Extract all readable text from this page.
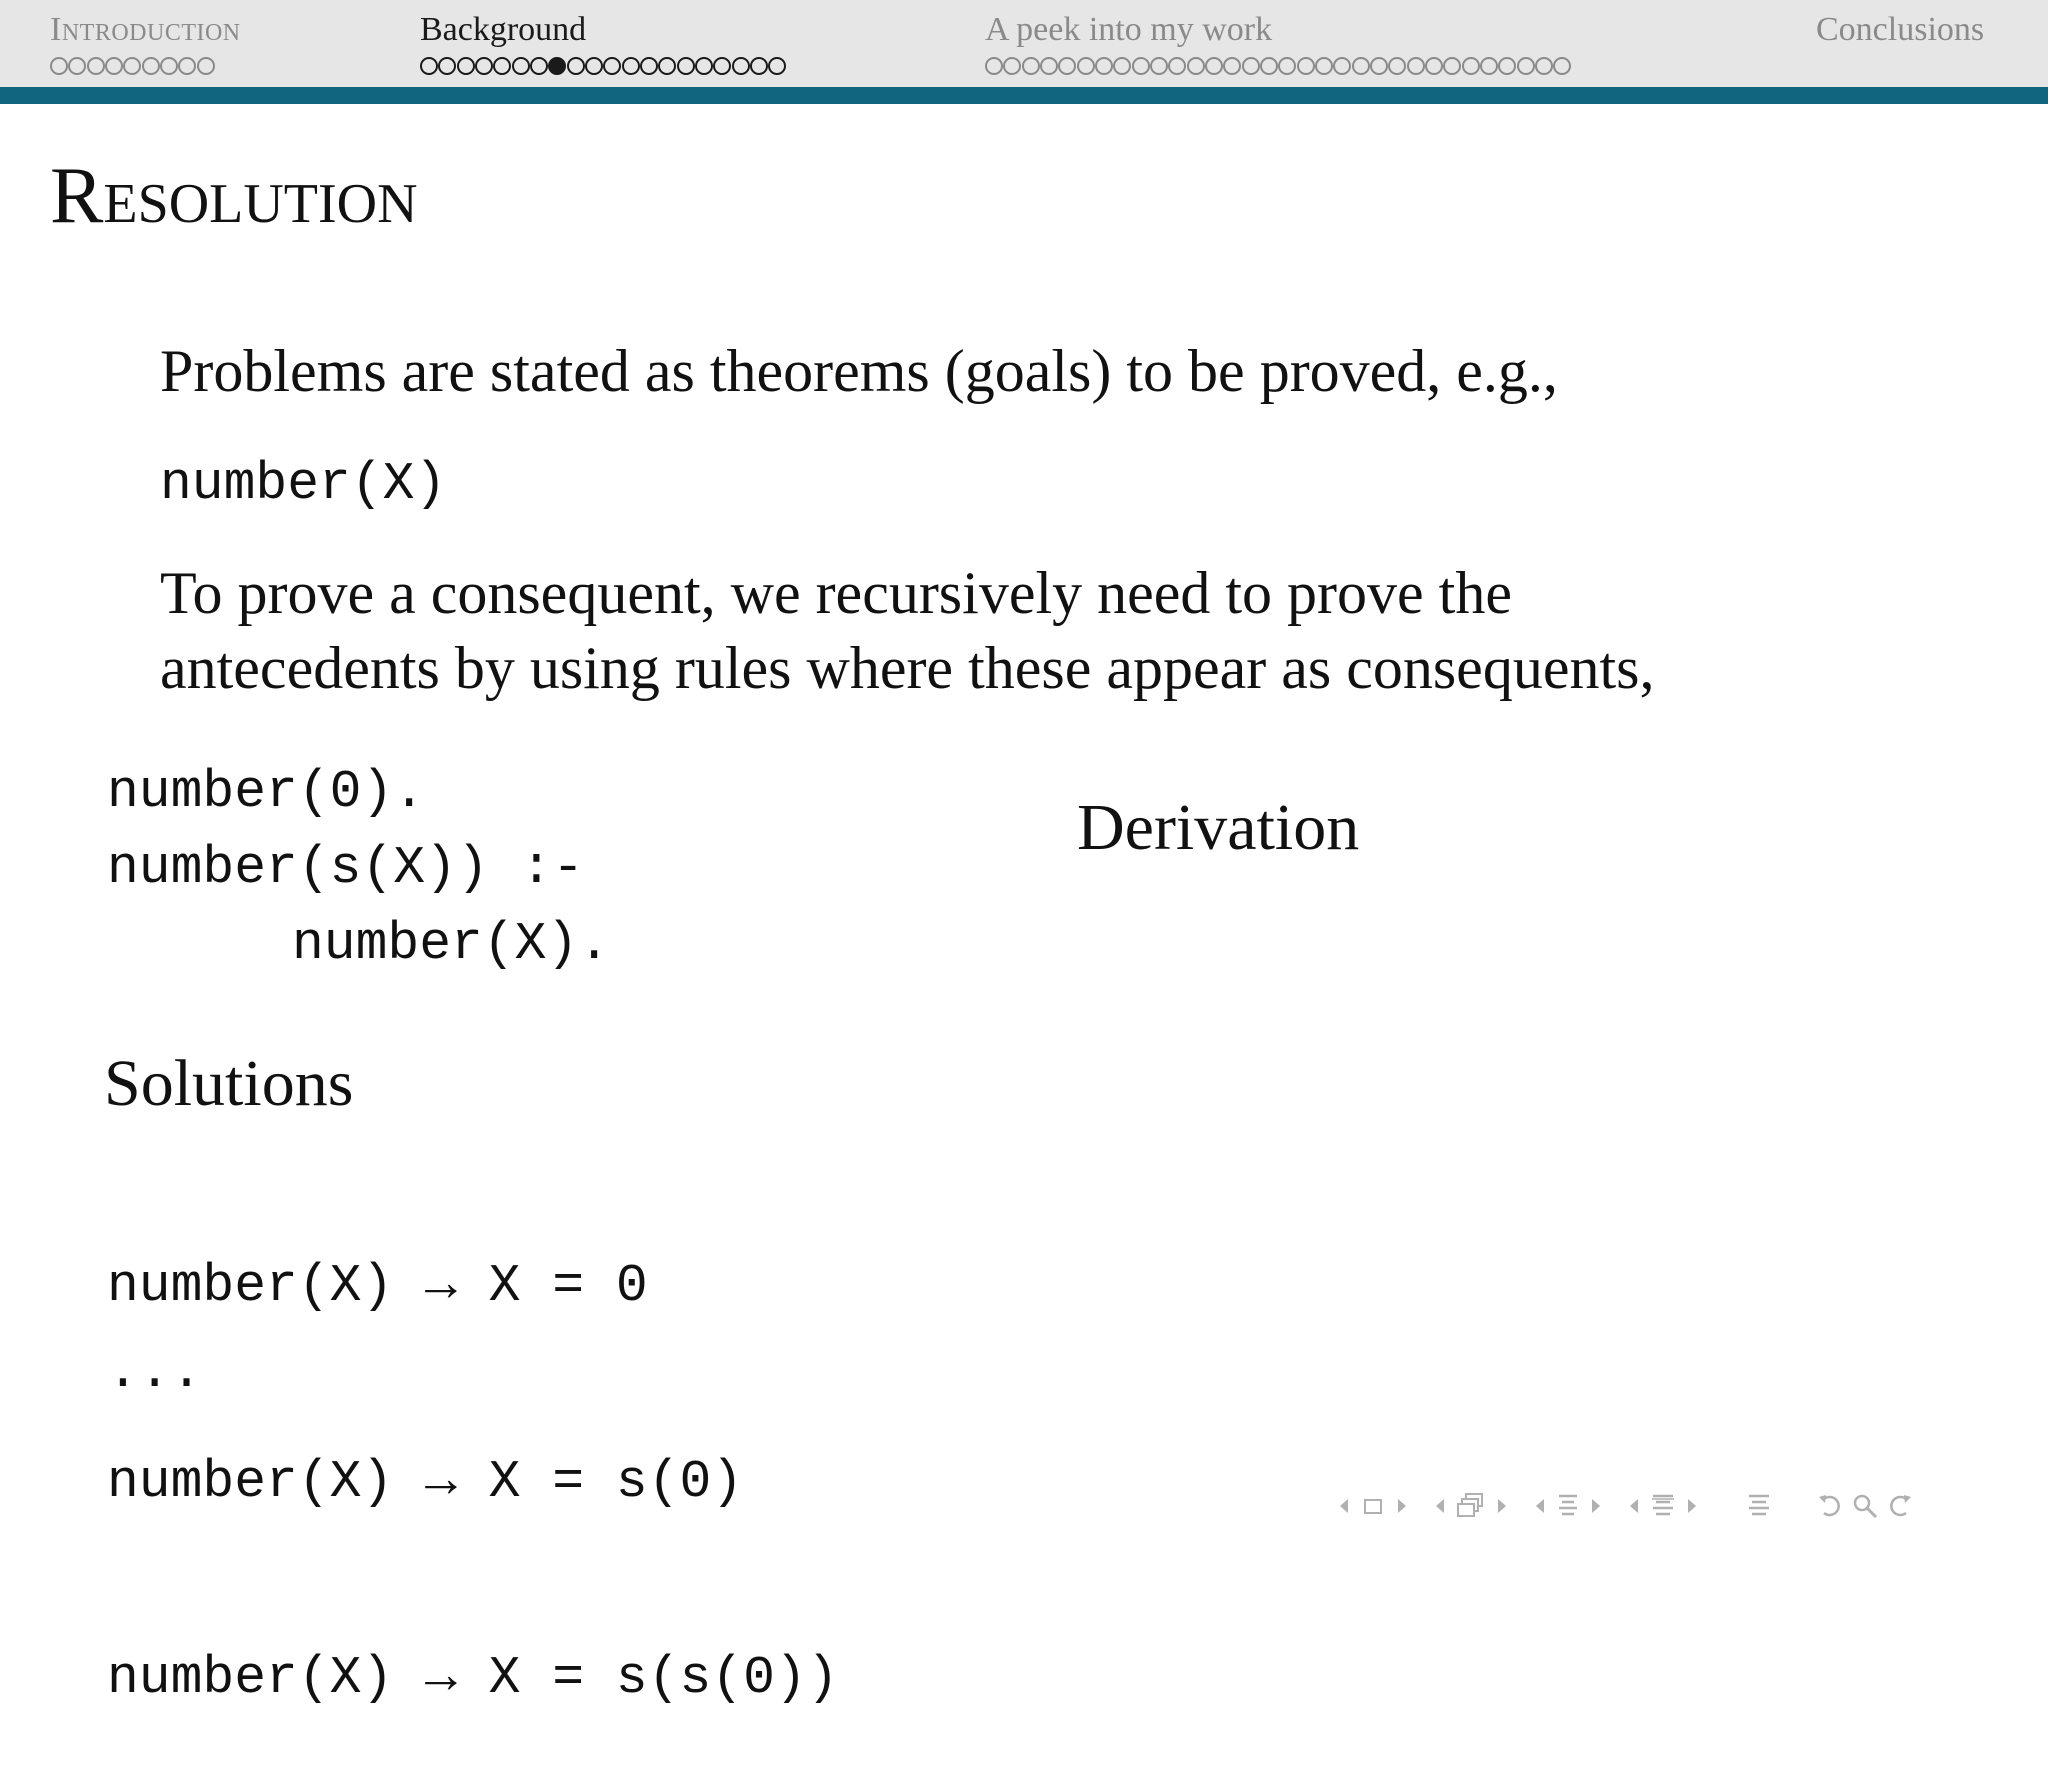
Introduction	Background	A peek into my work	Conclusions
Resolution
Problems are stated as theorems (goals) to be proved, e.g.,
number(X)
To prove a consequent, we recursively need to prove the
antecedents by using rules where these appear as consequents,
number(0).
number(s(X)) :-
number(X).
Derivation
Solutions

number(X) → X = 0

number(X) → X = s(0)

number(X) → X = s(s(0))

...
